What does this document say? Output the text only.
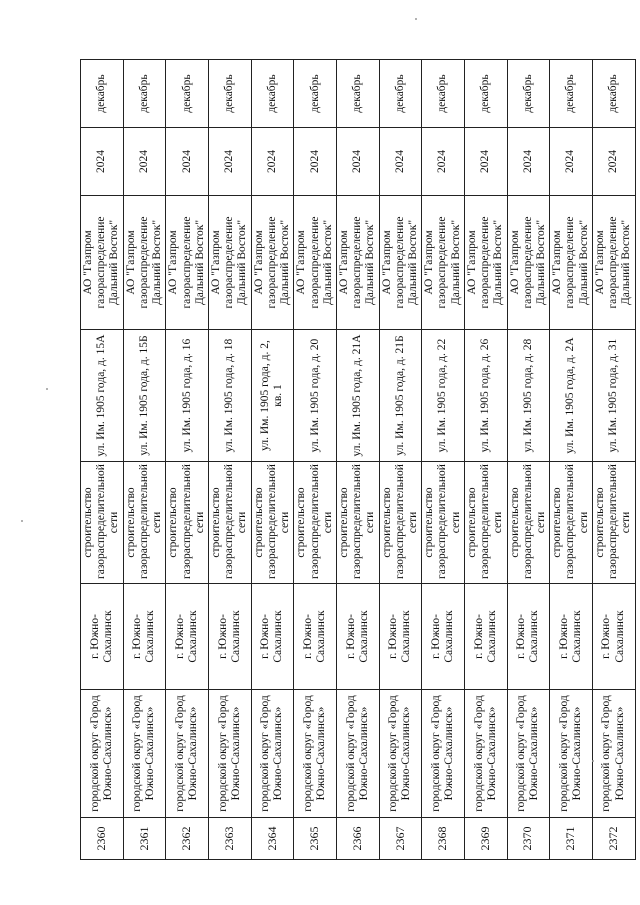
2360	городской округ «Город Южно-Сахалинск»	г. Южно-Сахалинск	строительство газораспределительной сети	ул. Им. 1905 года, д. 15А	АО "Газпром газораспределение Дальний Восток"	2024	декабрь
2361	городской округ «Город Южно-Сахалинск»	г. Южно-Сахалинск	строительство газораспределительной сети	ул. Им. 1905 года, д. 15Б	АО "Газпром газораспределение Дальний Восток"	2024	декабрь
2362	городской округ «Город Южно-Сахалинск»	г. Южно-Сахалинск	строительство газораспределительной сети	ул. Им. 1905 года, д. 16	АО "Газпром газораспределение Дальний Восток"	2024	декабрь
2363	городской округ «Город Южно-Сахалинск»	г. Южно-Сахалинск	строительство газораспределительной сети	ул. Им. 1905 года, д. 18	АО "Газпром газораспределение Дальний Восток"	2024	декабрь
2364	городской округ «Город Южно-Сахалинск»	г. Южно-Сахалинск	строительство газораспределительной сети	ул. Им. 1905 года, д. 2, кв. 1	АО "Газпром газораспределение Дальний Восток"	2024	декабрь
2365	городской округ «Город Южно-Сахалинск»	г. Южно-Сахалинск	строительство газораспределительной сети	ул. Им. 1905 года, д. 20	АО "Газпром газораспределение Дальний Восток"	2024	декабрь
2366	городской округ «Город Южно-Сахалинск»	г. Южно-Сахалинск	строительство газораспределительной сети	ул. Им. 1905 года, д. 21А	АО "Газпром газораспределение Дальний Восток"	2024	декабрь
2367	городской округ «Город Южно-Сахалинск»	г. Южно-Сахалинск	строительство газораспределительной сети	ул. Им. 1905 года, д. 21Б	АО "Газпром газораспределение Дальний Восток"	2024	декабрь
2368	городской округ «Город Южно-Сахалинск»	г. Южно-Сахалинск	строительство газораспределительной сети	ул. Им. 1905 года, д. 22	АО "Газпром газораспределение Дальний Восток"	2024	декабрь
2369	городской округ «Город Южно-Сахалинск»	г. Южно-Сахалинск	строительство газораспределительной сети	ул. Им. 1905 года, д. 26	АО "Газпром газораспределение Дальний Восток"	2024	декабрь
2370	городской округ «Город Южно-Сахалинск»	г. Южно-Сахалинск	строительство газораспределительной сети	ул. Им. 1905 года, д. 28	АО "Газпром газораспределение Дальний Восток"	2024	декабрь
2371	городской округ «Город Южно-Сахалинск»	г. Южно-Сахалинск	строительство газораспределительной сети	ул. Им. 1905 года, д. 2А	АО "Газпром газораспределение Дальний Восток"	2024	декабрь
2372	городской округ «Город Южно-Сахалинск»	г. Южно-Сахалинск	строительство газораспределительной сети	ул. Им. 1905 года, д. 31	АО "Газпром газораспределение Дальний Восток"	2024	декабрь
